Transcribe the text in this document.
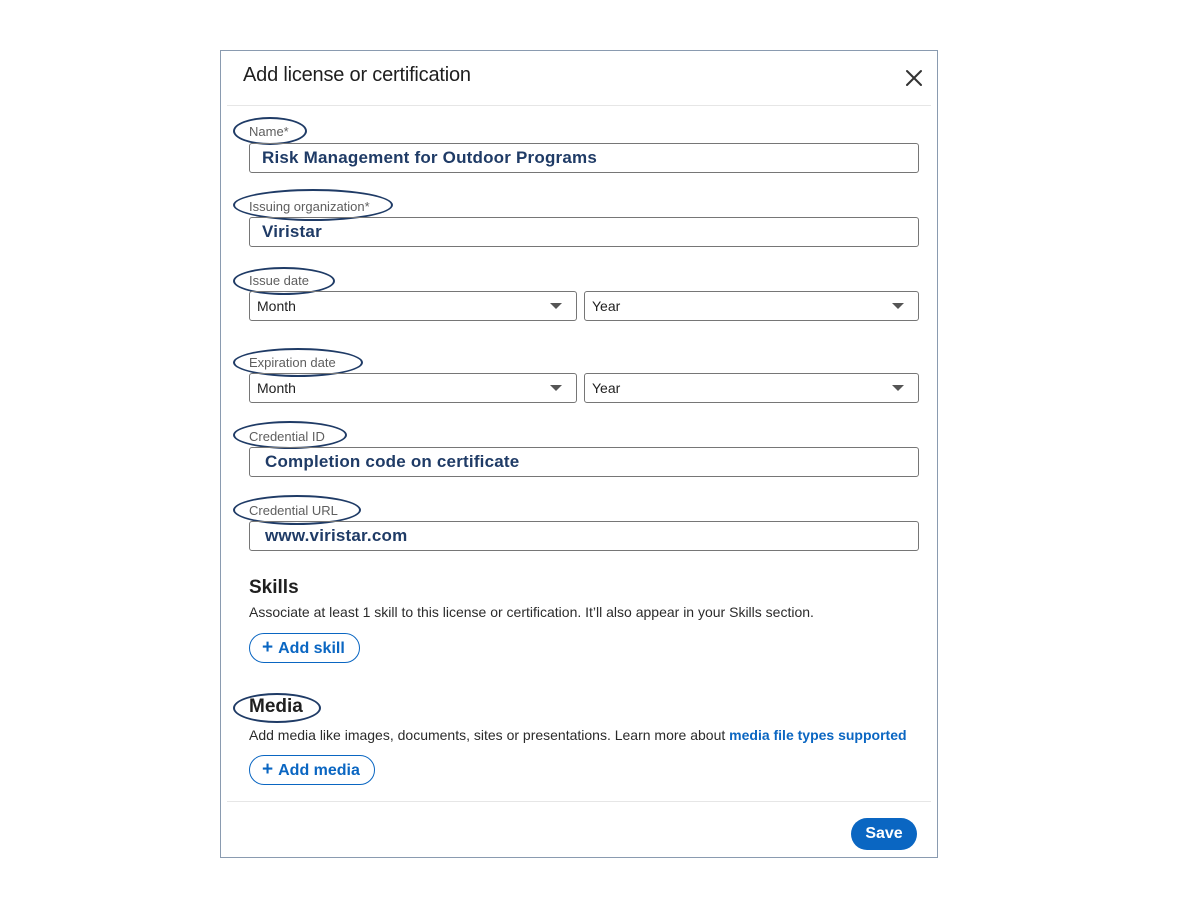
Add license or certification
Name*
Risk Management for Outdoor Programs
Issuing organization*
Viristar
Issue date
Month	Year
Expiration date
Month	Year
Credential ID
Completion code on certificate
Credential URL
www.viristar.com
Skills
Associate at least 1 skill to this license or certification. It’ll also appear in your Skills section.
+ Add skill
Media
Add media like images, documents, sites or presentations. Learn more about media file types supported
+ Add media
Save
